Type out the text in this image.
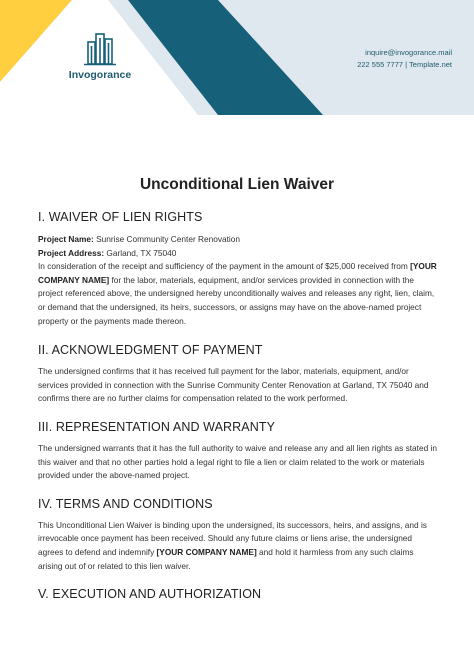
Invogorance
inquire@invogorance.mail
222 555 7777 | Template.net
Unconditional Lien Waiver
I. WAIVER OF LIEN RIGHTS

Project Name: Sunrise Community Center Renovation

Project Address: Garland, TX 75040

In consideration of the receipt and sufficiency of the payment in the amount of $25,000 received from [YOUR COMPANY NAME] for the labor, materials, equipment, and/or services provided in connection with the project referenced above, the undersigned hereby unconditionally waives and releases any right, lien, claim, or demand that the undersigned, its heirs, successors, or assigns may have on the above-named project property or the payments made thereon.

II. ACKNOWLEDGMENT OF PAYMENT

The undersigned confirms that it has received full payment for the labor, materials, equipment, and/or services provided in connection with the Sunrise Community Center Renovation at Garland, TX 75040 and confirms there are no further claims for compensation related to the work performed.

III. REPRESENTATION AND WARRANTY

The undersigned warrants that it has the full authority to waive and release any and all lien rights as stated in this waiver and that no other parties hold a legal right to file a lien or claim related to the work or materials provided under the above-named project.

IV. TERMS AND CONDITIONS

This Unconditional Lien Waiver is binding upon the undersigned, its successors, heirs, and assigns, and is irrevocable once payment has been received. Should any future claims or liens arise, the undersigned agrees to defend and indemnify [YOUR COMPANY NAME] and hold it harmless from any such claims arising out of or related to this lien waiver.

V. EXECUTION AND AUTHORIZATION
